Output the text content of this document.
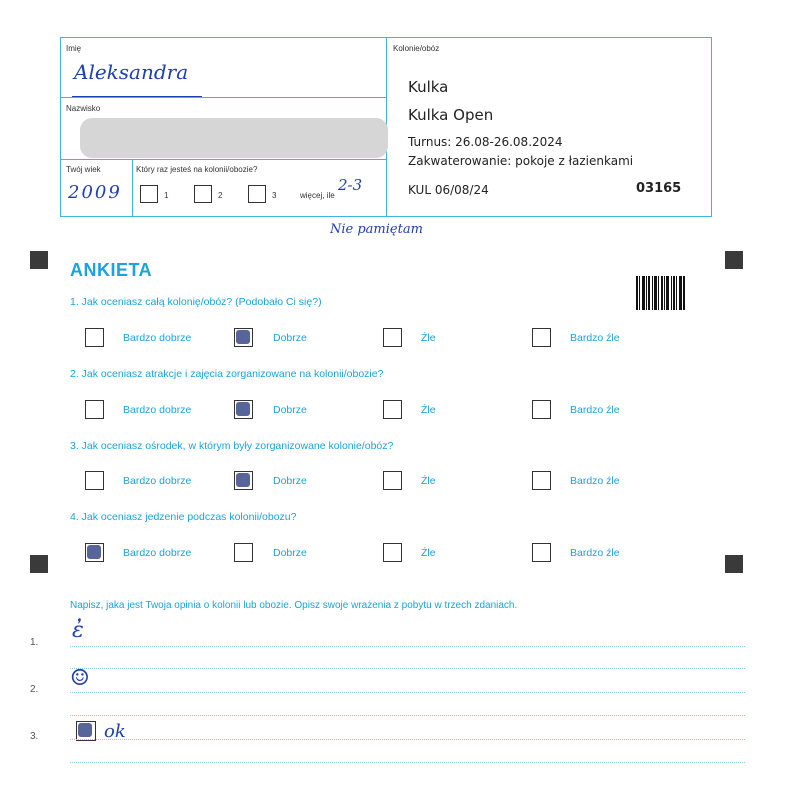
Imię
Aleksandra
Nazwisko
Twój wiek
2009
Który raz jesteś na kolonii/obozie?
1	2	3	więcej, ile
2-3
Kolonie/obóz
Kulka
Kulka Open
Turnus: 26.08-26.08.2024
Zakwaterowanie: pokoje z łazienkami
KUL 06/08/24	03165
Nie pamiętam
ANKIETA
1. Jak oceniasz całą kolonię/obóz? (Podobało Ci się?)
Bardzo dobrze	Dobrze	Źle	Bardzo źle
2. Jak oceniasz atrakcje i zajęcia zorganizowane na kolonii/obozie?
Bardzo dobrze	Dobrze	Źle	Bardzo źle
3. Jak oceniasz ośrodek, w którym były zorganizowane kolonie/obóz?
Bardzo dobrze	Dobrze	Źle	Bardzo źle
4. Jak oceniasz jedzenie podczas kolonii/obozu?
Bardzo dobrze	Dobrze	Źle	Bardzo źle
Napisz, jaka jest Twoja opinia o kolonii lub obozie. Opisz swoje wrażenia z pobytu w trzech zdaniach.
1. ἐ
2. ☺
3.	ok
